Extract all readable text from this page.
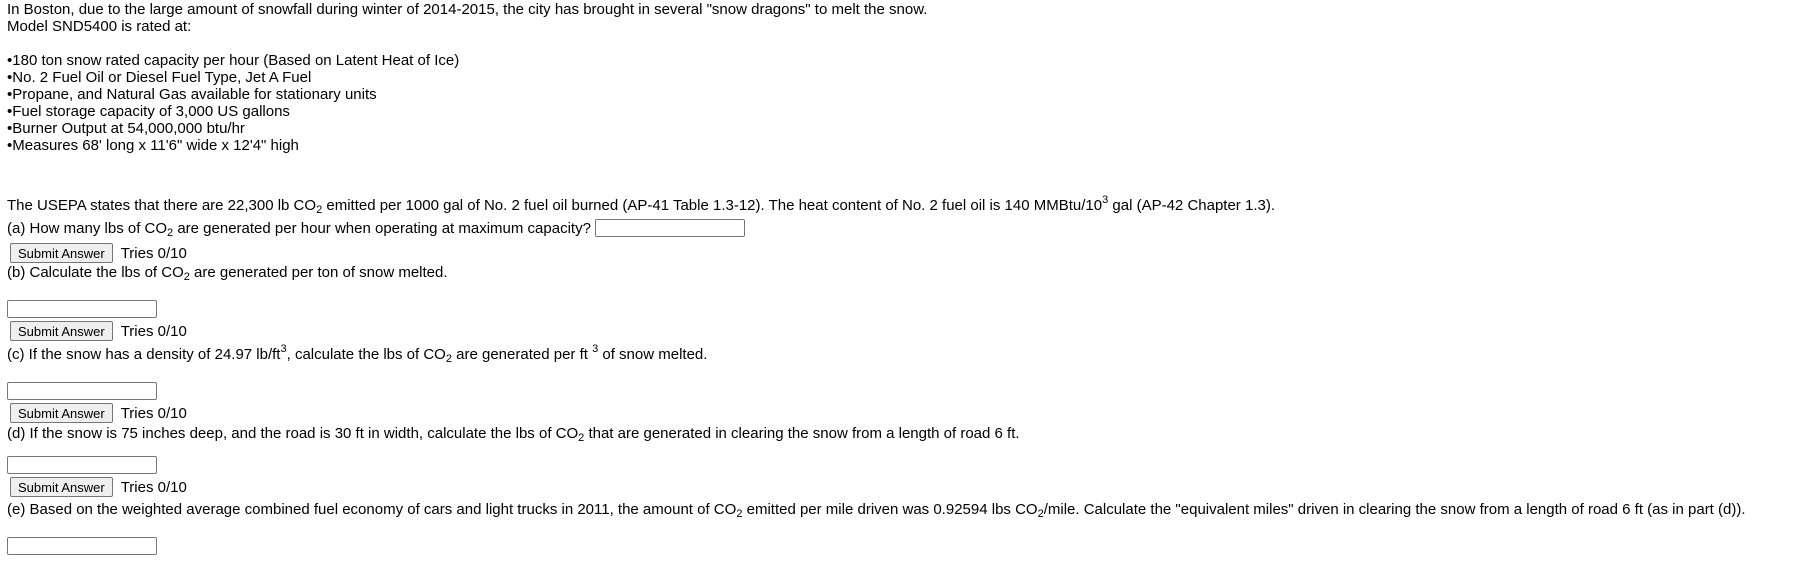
In Boston, due to the large amount of snowfall during winter of 2014-2015, the city has brought in several "snow dragons" to melt the snow.
Model SND5400 is rated at:
• 180 ton snow rated capacity per hour (Based on Latent Heat of Ice)
• No. 2 Fuel Oil or Diesel Fuel Type, Jet A Fuel
• Propane, and Natural Gas available for stationary units
• Fuel storage capacity of 3,000 US gallons
• Burner Output at 54,000,000 btu/hr
• Measures 68' long x 11'6" wide x 12'4" high
The USEPA states that there are 22,300 lb $CO_2$ emitted per 1000 gal of No. 2 fuel oil burned (AP-41 Table 1.3-12). The heat content of No. 2 fuel oil is 140 MMBtu/$10^3$ gal (AP-42 Chapter 1.3).
(a) How many lbs of $CO_2$ are generated per hour when operating at maximum capacity?
Submit Answer	Tries 0/10
(b) Calculate the lbs of $CO_2$ are generated per ton of snow melted.
Submit Answer	Tries 0/10
(c) If the snow has a density of 24.97 $lb/ft^3$, calculate the lbs of $CO_2$ are generated per ft $^3$ of snow melted.
Submit Answer	Tries 0/10
(d) If the snow is 75 inches deep, and the road is 30 ft in width, calculate the lbs of $CO_2$ that are generated in clearing the snow from a length of road 6 ft.
Submit Answer	Tries 0/10
(e) Based on the weighted average combined fuel economy of cars and light trucks in 2011, the amount of $CO_2$ emitted per mile driven was 0.92594 lbs $CO_2$/mile. Calculate the "equivalent miles" driven in clearing the snow from a length of road 6 ft (as in part (d)).
